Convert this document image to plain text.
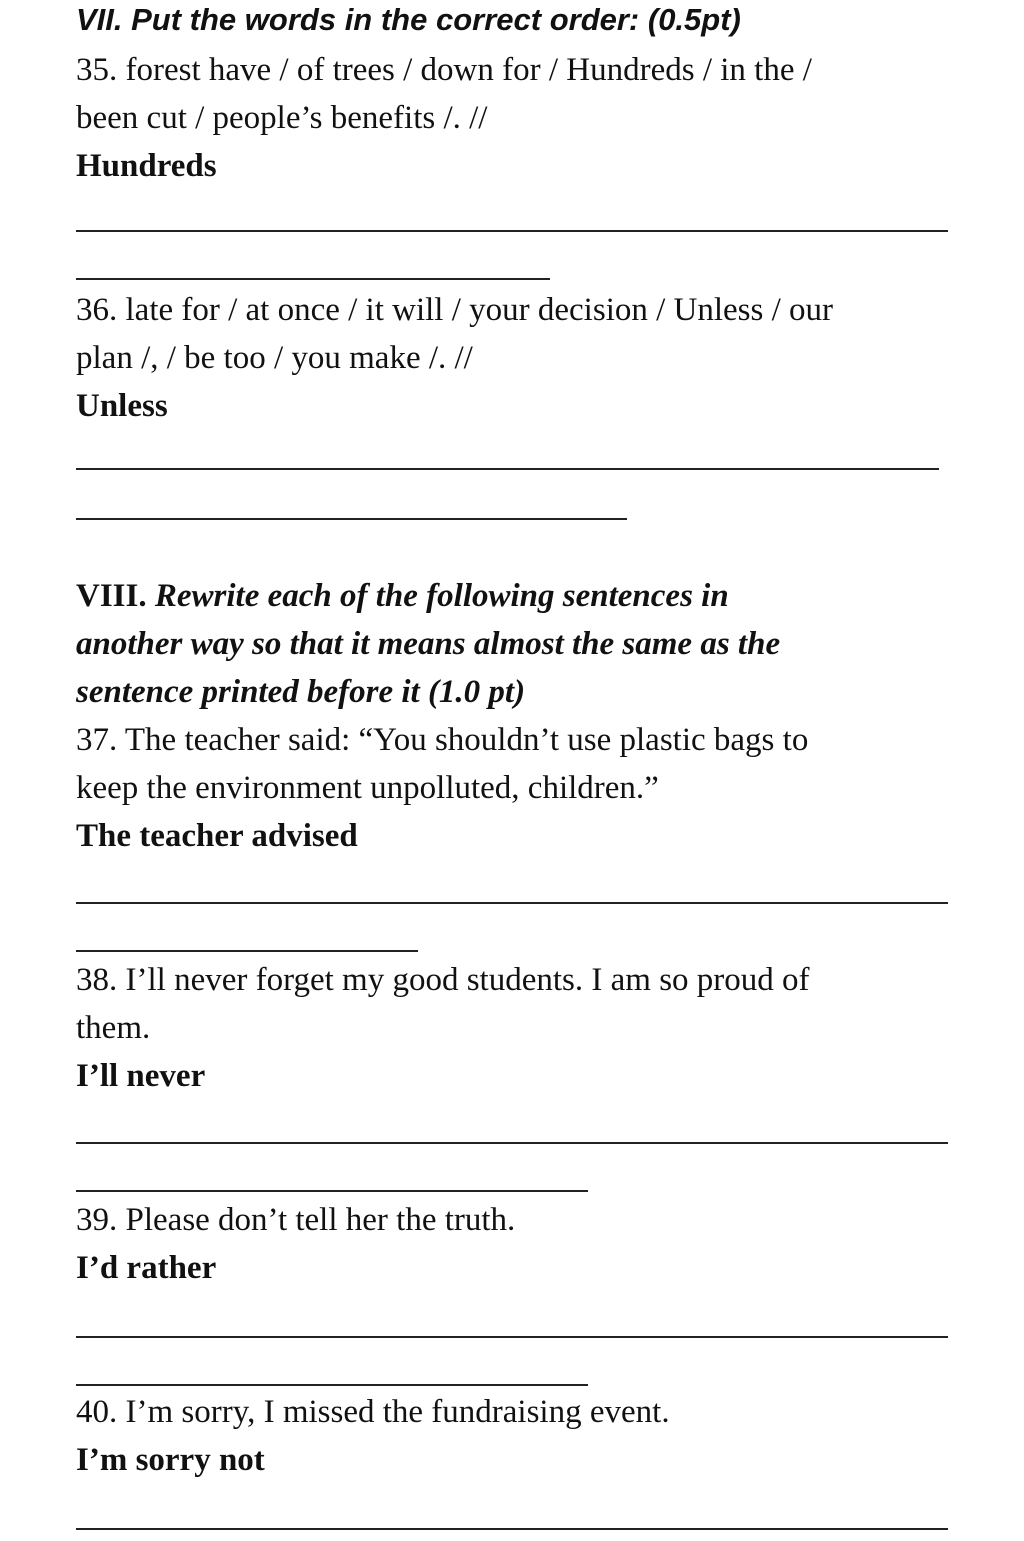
VII. Put the words in the correct order: (0.5pt)
35. forest have / of trees / down for / Hundreds / in the /
been cut / people’s benefits /. //
Hundreds
36. late for / at once / it will / your decision / Unless / our
plan /, / be too / you make /. //
Unless
VIII. Rewrite each of the following sentences in
another way so that it means almost the same as the
sentence printed before it (1.0 pt)
37. The teacher said: “You shouldn’t use plastic bags to
keep the environment unpolluted, children.”
The teacher advised
38. I’ll never forget my good students. I am so proud of
them.
I’ll never
39. Please don’t tell her the truth.
I’d rather
40. I’m sorry, I missed the fundraising event.
I’m sorry not
